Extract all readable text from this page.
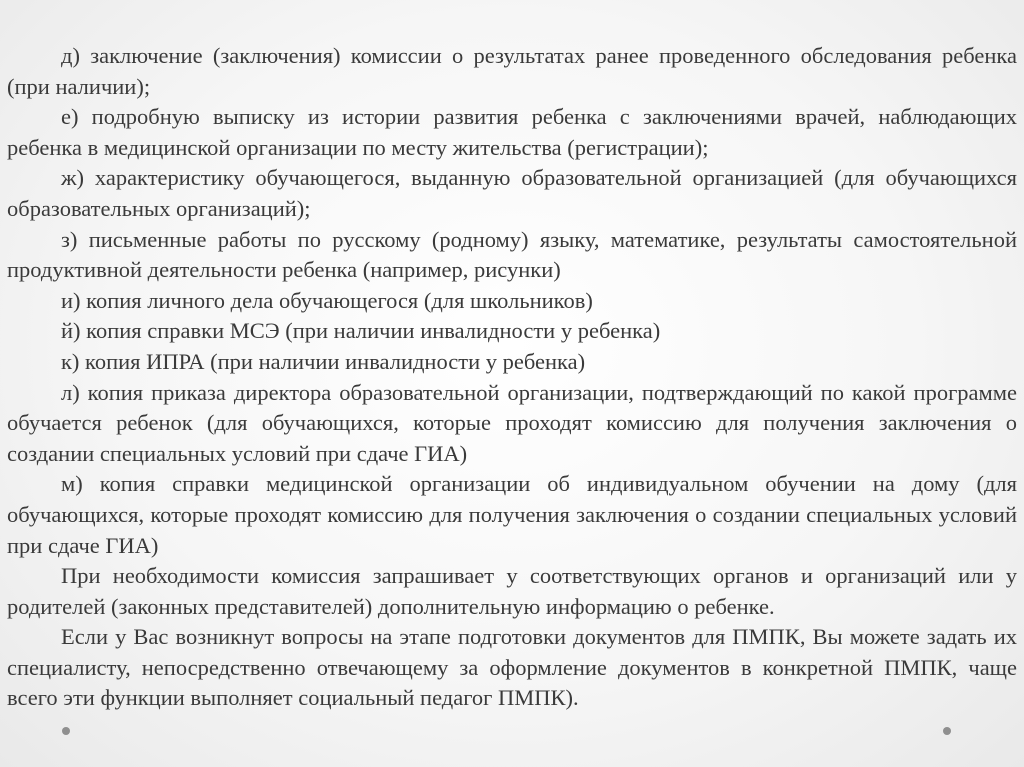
д) заключение (заключения) комиссии о результатах ранее проведенного обследования ребенка (при наличии);

е) подробную выписку из истории развития ребенка с заключениями врачей, наблюдающих ребенка в медицинской организации по месту жительства (регистрации);

ж) характеристику обучающегося, выданную образовательной организацией (для обучающихся образовательных организаций);

з) письменные работы по русскому (родному) языку, математике, результаты самостоятельной продуктивной деятельности ребенка (например, рисунки)

и) копия личного дела обучающегося (для школьников)

й) копия справки МСЭ (при наличии инвалидности у ребенка)

к) копия ИПРА (при наличии инвалидности у ребенка)

л) копия приказа директора образовательной организации, подтверждающий по какой программе обучается ребенок (для обучающихся, которые проходят комиссию для получения заключения о создании специальных условий при сдаче ГИА)

м) копия справки медицинской организации об индивидуальном обучении на дому (для обучающихся, которые проходят комиссию для получения заключения о создании специальных условий при сдаче ГИА)

При необходимости комиссия запрашивает у соответствующих органов и организаций или у родителей (законных представителей) дополнительную информацию о ребенке.

Если у Вас возникнут вопросы на этапе подготовки документов для ПМПК, Вы можете задать их специалисту, непосредственно отвечающему за оформление документов в конкретной ПМПК, чаще всего эти функции выполняет социальный педагог ПМПК).
